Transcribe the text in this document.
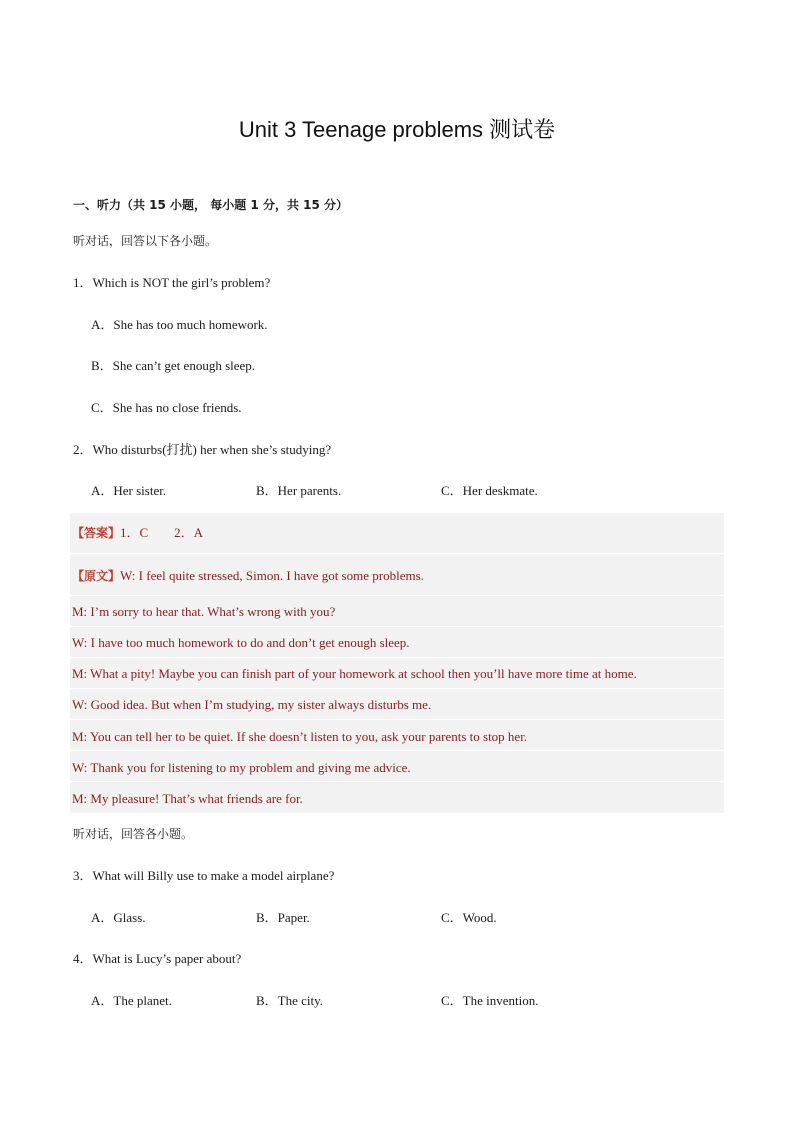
Unit 3 Teenage problems 测试卷
一、听力（共 15 小题， 每小题 1 分，共 15 分）
听对话，回答以下各小题。
1．Which is NOT the girl’s problem?
A．She has too much homework.
B．She can’t get enough sleep.
C．She has no close friends.
2．Who disturbs(打扰) her when she’s studying?
A．Her sister.	B．Her parents.	C．Her deskmate.
【答案】1．C        2．A
【原文】W: I feel quite stressed, Simon. I have got some problems.
M: I’m sorry to hear that. What’s wrong with you?
W: I have too much homework to do and don’t get enough sleep.
M: What a pity! Maybe you can finish part of your homework at school then you’ll have more time at home.
W: Good idea. But when I’m studying, my sister always disturbs me.
M: You can tell her to be quiet. If she doesn’t listen to you, ask your parents to stop her.
W: Thank you for listening to my problem and giving me advice.
M: My pleasure! That’s what friends are for.
听对话，回答各小题。
3．What will Billy use to make a model airplane?
A．Glass.	B．Paper.	C．Wood.
4．What is Lucy’s paper about?
A．The planet.	B．The city.	C．The invention.
